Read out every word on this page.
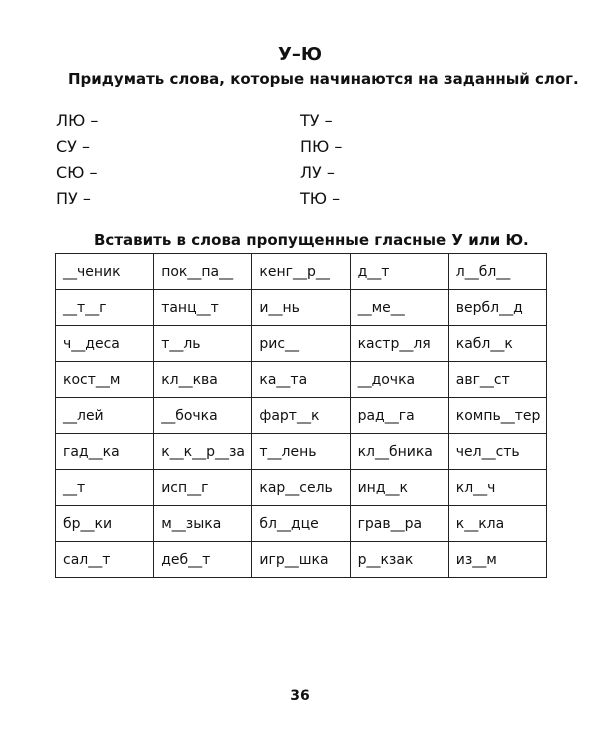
У–Ю
Придумать слова, которые начинаются на заданный слог.
ЛЮ –
СУ –
СЮ –
ПУ –
ТУ –
ПЮ –
ЛУ –
ТЮ –
Вставить в слова пропущенные гласные У или Ю.
__ченик	пок__па__	кенг__р__	д__т	л__бл__
__т__г	танц__т	и__нь	__ме__	вербл__д
ч__деса	т__ль	рис__	кастр__ля	кабл__к
кост__м	кл__ква	ка__та	__дочка	авг__ст
__лей	__бочка	фарт__к	рад__га	компь__тер
гад__ка	к__к__р__за	т__лень	кл__бника	чел__сть
__т	исп__г	кар__сель	инд__к	кл__ч
бр__ки	м__зыка	бл__дце	грав__ра	к__кла
сал__т	деб__т	игр__шка	р__кзак	из__м
36
